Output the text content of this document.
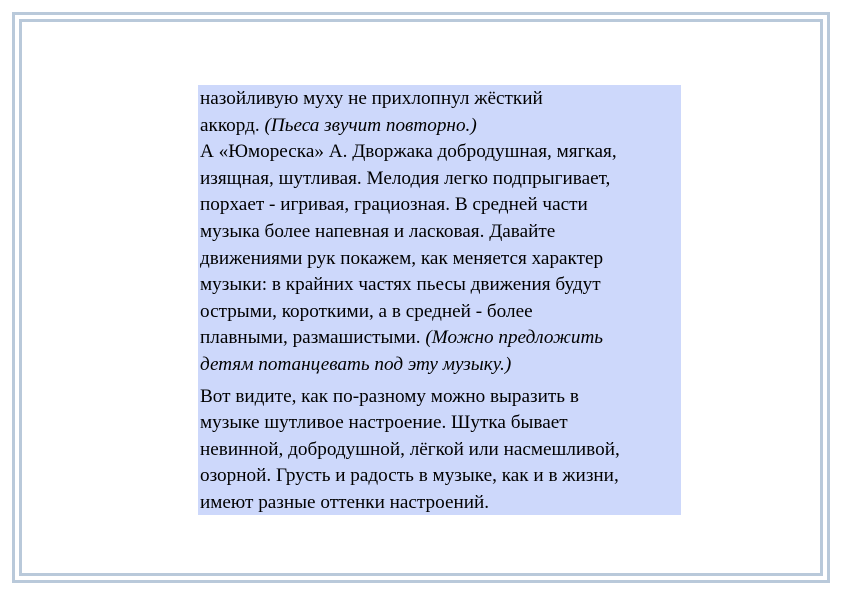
назойливую муху не прихлопнул жёсткий
аккорд. (Пьеса звучит повторно.)

А «Юмореска» А. Дворжака добродушная, мягкая,
изящная, шутливая. Мелодия легко подпрыгивает,
порхает - игривая, грациозная. В средней части
музыка более напевная и ласковая. Давайте
движениями рук покажем, как меняется характер
музыки: в крайних частях пьесы движения будут
острыми, короткими, а в средней - более
плавными, размашистыми. (Можно предложить
детям потанцевать под эту музыку.)

Вот видите, как по-разному можно выразить в
музыке шутливое настроение. Шутка бывает
невинной, добродушной, лёгкой или насмешливой,
озорной. Грусть и радость в музыке, как и в жизни,
имеют разные оттенки настроений.
